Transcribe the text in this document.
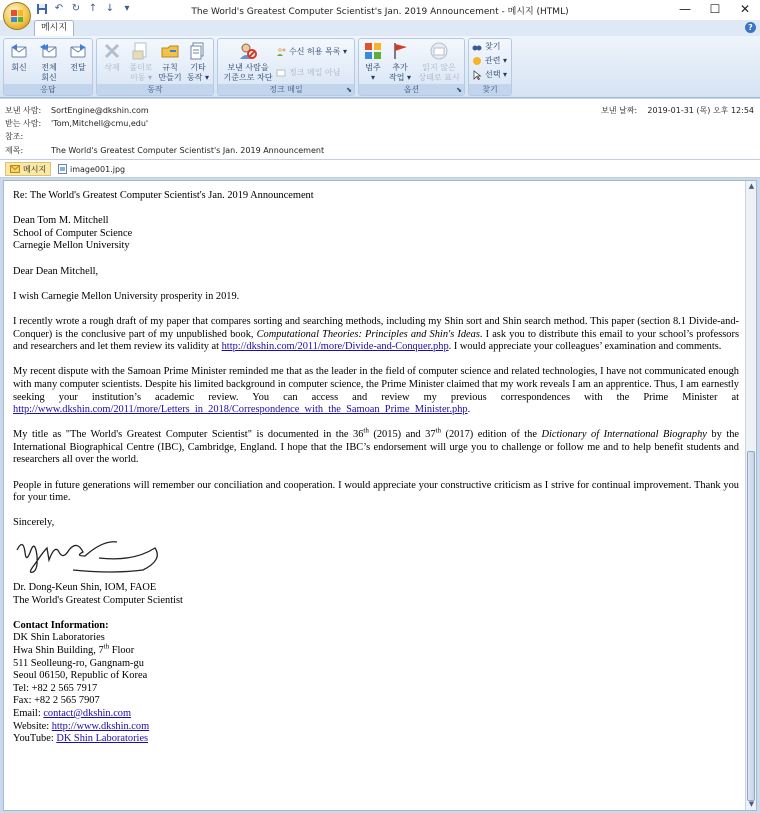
↶ ↻ ↑ ↓	▾	The World's Greatest Computer Scientist's Jan. 2019 Announcement - 메시지 (HTML)	—	☐	✕
메시지	?
회신	전체
회신
전달
응답
삭제	폴더로
이동 ▾
규칙
만들기
기타
동작 ▾
동작
보낸 사람을
기준으로 차단
수신 허용 목록 ▾
정크 메일 아님
정크 메일	⬊
범주
▾
추가
작업 ▾
읽지 않은
상태로 표시
옵션	⬊
찾기
관련 ▾
선택 ▾
찾기
보낸 사람: SortEngine@dkshin.com
받는 사람: 'Tom,Mitchell@cmu,edu'
참조:
제목:	The World's Greatest Computer Scientist's Jan. 2019 Announcement
보낸 날짜: 2019-01-31 (목) 오후 12:54
메시지	image001.jpg

Re: The World's Greatest Computer Scientist's Jan. 2019 Announcement

Dean Tom M. Mitchell
School of Computer Science
Carnegie Mellon University

Dear Dean Mitchell,

I wish Carnegie Mellon University prosperity in 2019.

I recently wrote a rough draft of my paper that compares sorting and searching methods, including my Shin sort and Shin search method. This paper (section 8.1 Divide-and-Conquer) is the conclusive part of my unpublished book, Computational Theories: Principles and Shin's Ideas. I ask you to distribute this email to your school’s professors and researchers and let them review its validity at http://dkshin.com/2011/more/Divide-and-Conquer.php. I would appreciate your colleagues’ examination and comments.

My recent dispute with the Samoan Prime Minister reminded me that as the leader in the field of computer science and related technologies, I have not communicated enough with many computer scientists. Despite his limited background in computer science, the Prime Minister claimed that my work reveals I am an apprentice. Thus, I am earnestly seeking your institution’s academic review. You can access and review my previous correspondences with the Prime Minister at http://www.dkshin.com/2011/more/Letters_in_2018/Correspondence_with_the_Samoan_Prime_Minister.php.

My title as "The World's Greatest Computer Scientist" is documented in the 36th (2015) and 37th (2017) edition of the Dictionary of International Biography by the International Biographical Centre (IBC), Cambridge, England. I hope that the IBC’s endorsement will urge you to challenge or follow me and to help benefit students and researchers all over the world.

People in future generations will remember our conciliation and cooperation. I would appreciate your constructive criticism as I strive for continual improvement. Thank you for your time.

Sincerely,

Dr. Dong-Keun Shin, IOM, FAOE

The World's Greatest Computer Scientist

Contact Information:

DK Shin Laboratories

Hwa Shin Building, 7th Floor

511 Seolleung-ro, Gangnam-gu

Seoul 06150, Republic of Korea

Tel: +82 2 565 7917

Fax: +82 2 565 7907

Email: contact@dkshin.com

Website: http://www.dkshin.com

YouTube: DK Shin Laboratories

▲
▼
